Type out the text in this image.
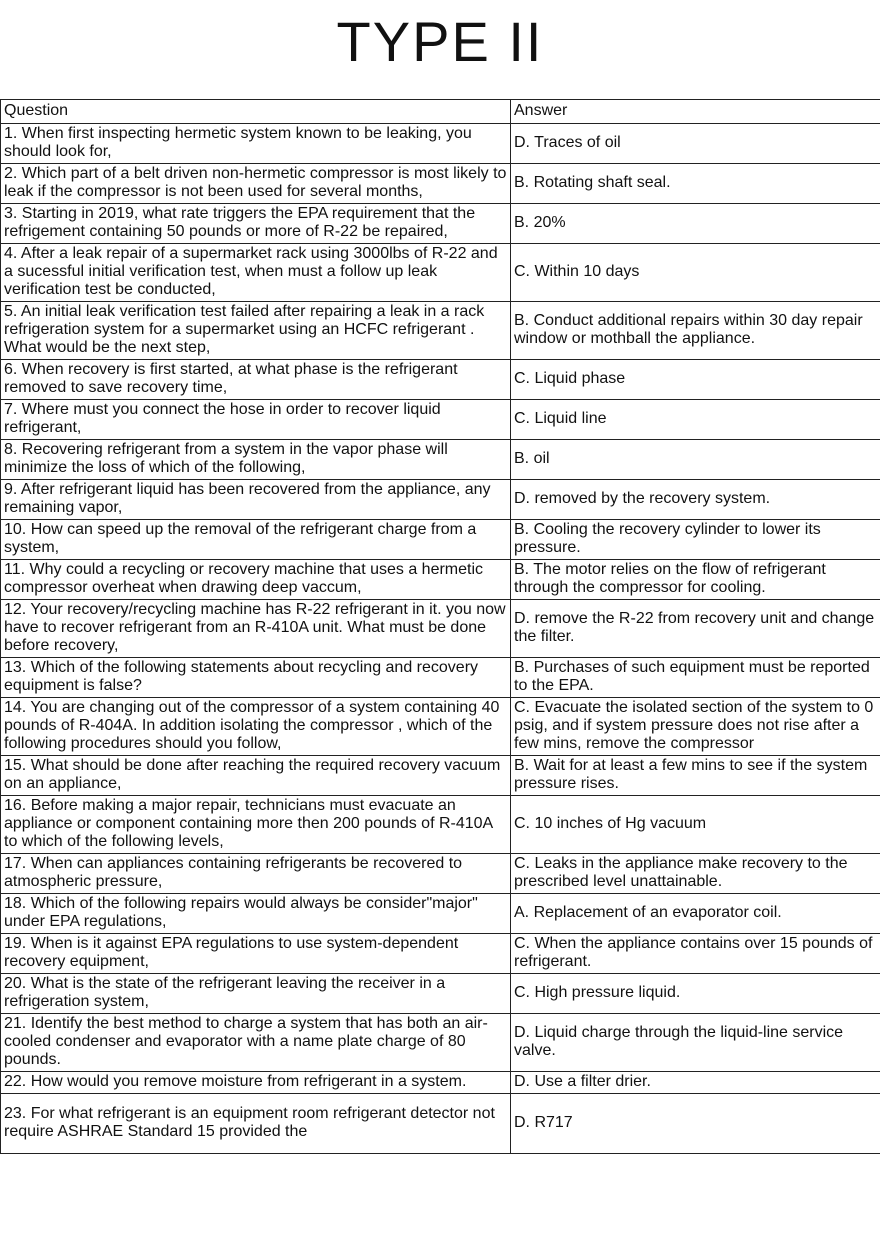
TYPE II
Question	Answer
1. When first inspecting hermetic system known to be leaking, you should look for,	D. Traces of oil
2. Which part of a belt driven non-hermetic compressor is most likely to leak if the compressor is not been used for several months,	B. Rotating shaft seal.
3. Starting in 2019, what rate triggers the EPA requirement that the refrigement containing 50 pounds or more of R-22 be repaired,	B. 20%
4. After a leak repair of a supermarket rack using 3000lbs of R-22 and a sucessful initial verification test, when must a follow up leak verification test be conducted,	C. Within 10 days
5. An initial leak verification test failed after repairing a leak in a rack refrigeration system for a supermarket using an HCFC refrigerant . What would be the next step,	B. Conduct additional repairs within 30 day repair window or mothball the appliance.
6. When recovery is first started, at what phase is the refrigerant removed to save recovery time,	C. Liquid phase
7. Where must you connect the hose in order to recover liquid refrigerant,	C. Liquid line
8. Recovering refrigerant from a system in the vapor phase will minimize the loss of which of the following,	B. oil
9. After refrigerant liquid has been recovered from the appliance, any remaining vapor,	D. removed by the recovery system.
10. How can speed up the removal of the refrigerant charge from a system,	B. Cooling the recovery cylinder to lower its pressure.
11. Why could a recycling or recovery machine that uses a hermetic compressor overheat when drawing deep vaccum,	B. The motor relies on the flow of refrigerant through the compressor for cooling.
12. Your recovery/recycling machine has R-22 refrigerant in it. you now have to recover refrigerant from an R-410A unit. What must be done before recovery,	D. remove the R-22 from recovery unit and change the filter.
13. Which of the following statements about recycling and recovery equipment is false?	B. Purchases of such equipment must be reported to the EPA.
14. You are changing out of the compressor of a system containing 40 pounds of R-404A. In addition isolating the compressor , which of the following procedures should you follow,	C. Evacuate the isolated section of the system to 0 psig, and if system pressure does not rise after a few mins, remove the compressor
15. What should be done after reaching the required recovery vacuum on an appliance,	B. Wait for at least a few mins to see if the system pressure rises.
16. Before making a major repair, technicians must evacuate an appliance or component containing more then 200 pounds of R-410A to which of the following levels,	C. 10 inches of Hg vacuum
17. When can appliances containing refrigerants be recovered to atmospheric pressure,	C. Leaks in the appliance make recovery to the prescribed level unattainable.
18. Which of the following repairs would always be consider"major" under EPA regulations,	A. Replacement of an evaporator coil.
19. When is it against EPA regulations to use system-dependent recovery equipment,	C. When the appliance contains over 15 pounds of refrigerant.
20. What is the state of the refrigerant leaving the receiver in a refrigeration system,	C. High pressure liquid.
21. Identify the best method to charge a system that has both an air-cooled condenser and evaporator with a name plate charge of 80 pounds.	D. Liquid charge through the liquid-line service valve.
22. How would you remove moisture from refrigerant in a system.	D. Use a filter drier.
23. For what refrigerant is an equipment room refrigerant detector not require ASHRAE Standard 15 provided the	D. R717
